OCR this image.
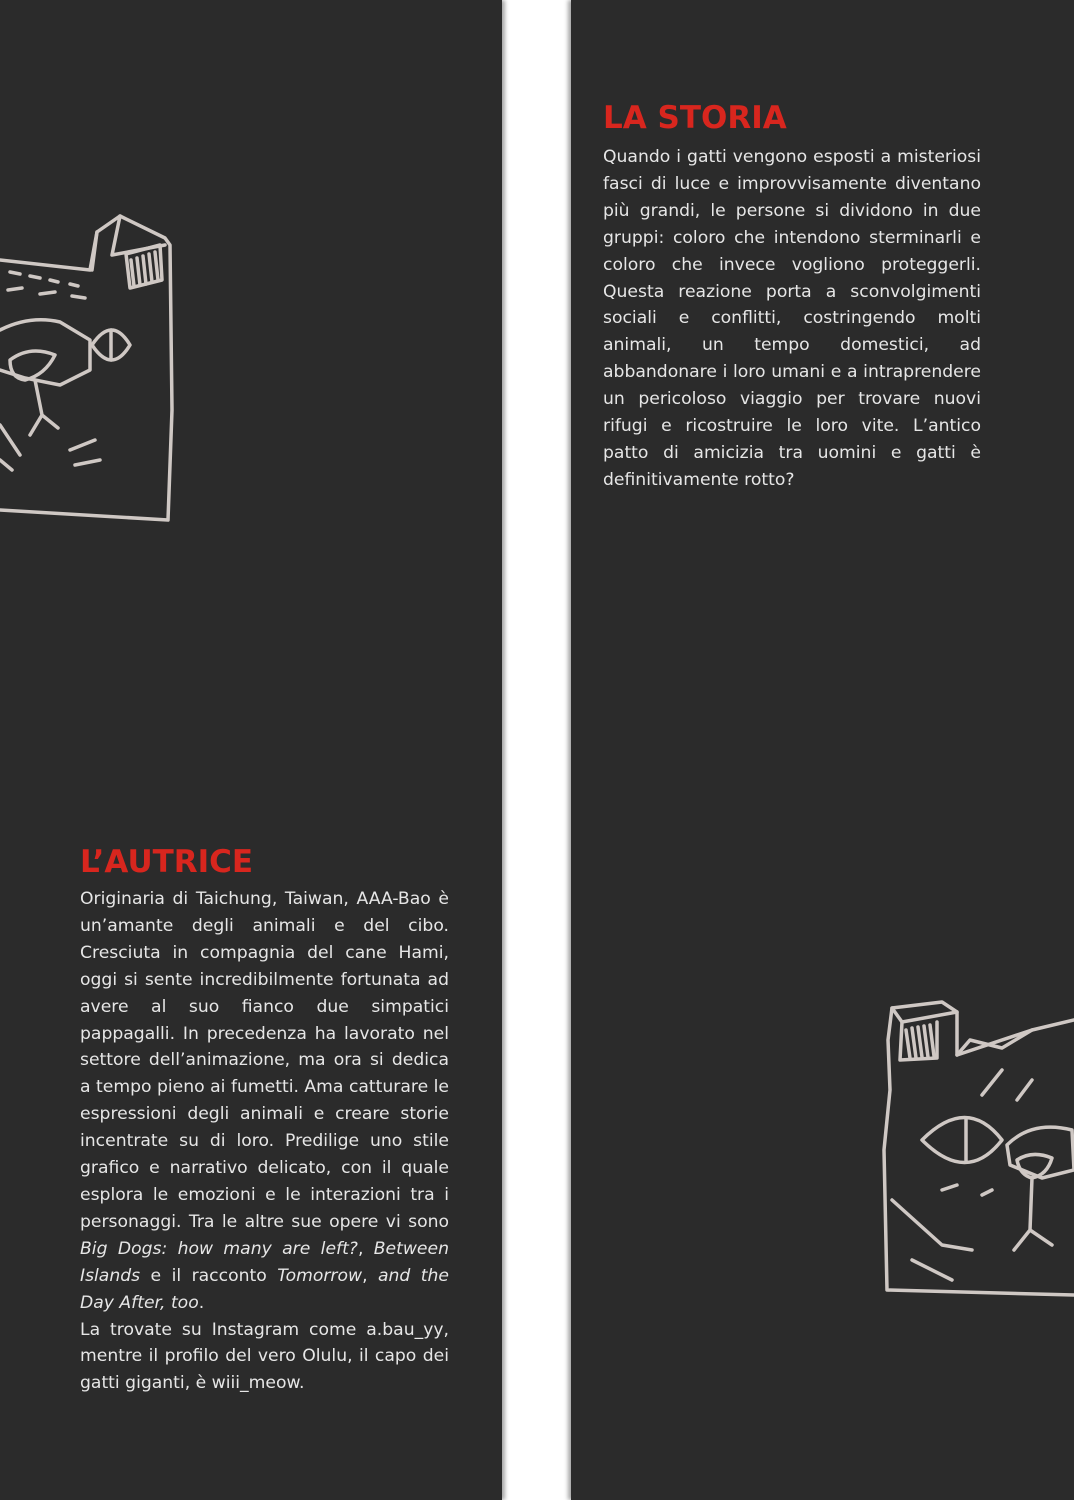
LA STORIA

Quando i gatti vengono esposti a misteriosi fasci di luce e improvvisamente diventano più grandi, le persone si dividono in due gruppi: coloro che intendono sterminarli e coloro che invece vogliono proteggerli. Questa reazione porta a sconvolgimenti sociali e conflitti, costringendo molti animali, un tempo domestici, ad abbandonare i loro umani e a intraprendere un pericoloso viaggio per trovare nuovi rifugi e ricostruire le loro vite. L’antico patto di amicizia tra uomini e gatti è definitivamente rotto?

L’AUTRICE
Originaria di Taichung, Taiwan, AAA-Bao è un’amante degli animali e del cibo. Cresciuta in compagnia del cane Hami, oggi si sente incredibilmente fortunata ad avere al suo fianco due simpatici pappagalli. In precedenza ha lavorato nel settore dell’animazione, ma ora si dedica a tempo pieno ai fumetti. Ama catturare le espressioni degli animali e creare storie incentrate su di loro. Predilige uno stile grafico e narrativo delicato, con il quale esplora le emozioni e le interazioni tra i personaggi. Tra le altre sue opere vi sono Big Dogs: how many are left?, Between Islands e il racconto Tomorrow, and the Day After, too.
La trovate su Instagram come a.bau_yy, mentre il profilo del vero Olulu, il capo dei gatti giganti, è wiii_meow.
